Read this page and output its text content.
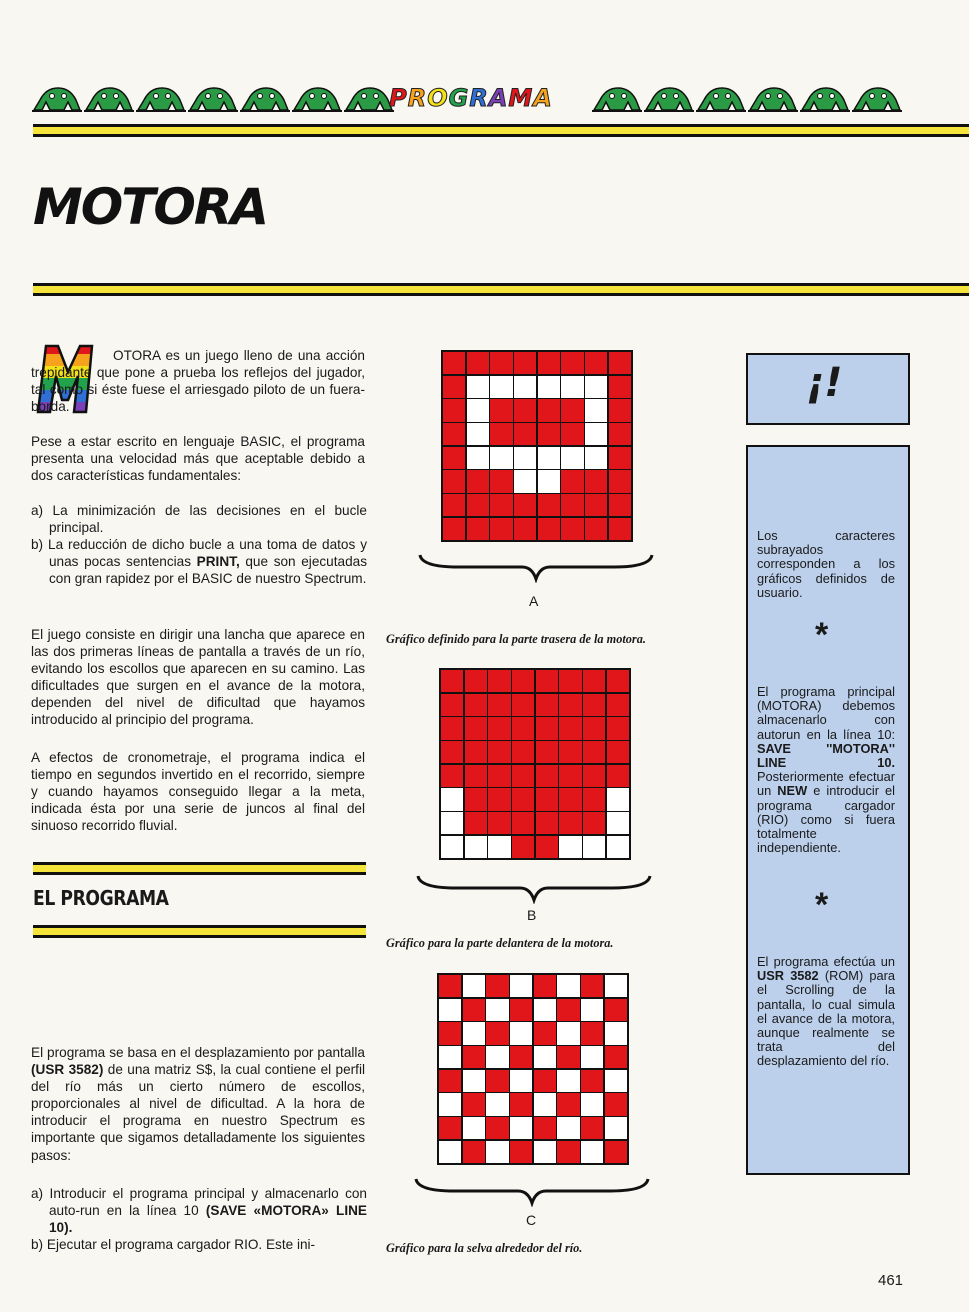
PROGRAMA
MOTORA
OTORA es un juego lleno de una acción trepidante que pone a prueba los reflejos del jugador, tal como si éste fuese el arriesgado piloto de un fuera-borda.
Pese a estar escrito en lenguaje BASIC, el programa presenta una velocidad más que aceptable debido a dos características fundamentales:

a) La minimización de las decisiones en el bucle principal.

b) La reducción de dicho bucle a una toma de datos y unas pocas sentencias PRINT, que son ejecutadas con gran rapidez por el BASIC de nuestro Spectrum.

El juego consiste en dirigir una lancha que aparece en las dos primeras líneas de pantalla a través de un río, evitando los escollos que aparecen en su camino. Las dificultades que surgen en el avance de la motora, dependen del nivel de dificultad que hayamos introducido al principio del programa.
A efectos de cronometraje, el programa indica el tiempo en segundos invertido en el recorrido, siempre y cuando hayamos conseguido llegar a la meta, indicada ésta por una serie de juncos al final del sinuoso recorrido fluvial.
EL PROGRAMA
El programa se basa en el desplazamiento por pantalla (USR 3582) de una matriz S$, la cual contiene el perfil del río más un cierto número de escollos, proporcionales al nivel de dificultad. A la hora de introducir el programa en nuestro Spectrum es importante que sigamos detalladamente los siguientes pasos:

a) Introducir el programa principal y almacenarlo con auto-run en la línea 10 (SAVE «MOTORA» LINE 10).

b) Ejecutar el programa cargador RIO. Este ini-

A
Gráfico definido para la parte trasera de la motora.
B
Gráfico para la parte delantera de la motora.
C
Gráfico para la selva alrededor del río.
¡!
Los caracteres subrayados corresponden a los gráficos definidos de usuario.
*
El programa principal (MOTORA) debemos almacenarlo con autorun en la línea 10: SAVE ''MOTORA'' LINE 10. Posteriormente efectuar un NEW e introducir el programa cargador (RIO) como si fuera totalmente independiente.
*
El programa efectúa un USR 3582 (ROM) para el Scrolling de la pantalla, lo cual simula el avance de la motora, aunque realmente se trata del desplazamiento del río.
461
